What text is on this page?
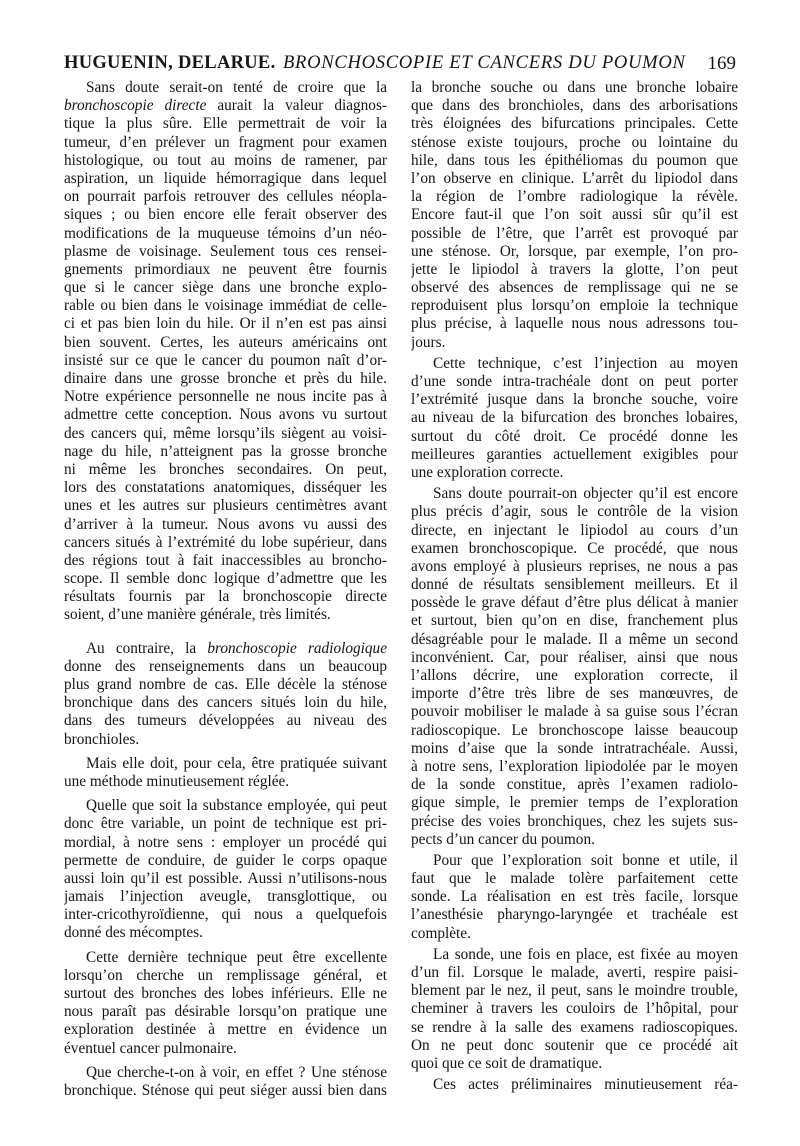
HUGUENIN, DELARUE. BRONCHOSCOPIE ET CANCERS DU POUMON 169
Sans doute serait-on tenté de croire que la
bronchoscopie directe aurait la valeur diagnos-
tique la plus sûre. Elle permettrait de voir la
tumeur, d’en prélever un fragment pour examen
histologique, ou tout au moins de ramener, par
aspiration, un liquide hémorragique dans lequel
on pourrait parfois retrouver des cellules néopla-
siques ; ou bien encore elle ferait observer des
modifications de la muqueuse témoins d’un néo-
plasme de voisinage. Seulement tous ces rensei-
gnements primordiaux ne peuvent être fournis
que si le cancer siège dans une bronche explo-
rable ou bien dans le voisinage immédiat de celle-
ci et pas bien loin du hile. Or il n’en est pas ainsi
bien souvent. Certes, les auteurs américains ont
insisté sur ce que le cancer du poumon naît d’or-
dinaire dans une grosse bronche et près du hile.
Notre expérience personnelle ne nous incite pas à
admettre cette conception. Nous avons vu surtout
des cancers qui, même lorsqu’ils siègent au voisi-
nage du hile, n’atteignent pas la grosse bronche
ni même les bronches secondaires. On peut,
lors des constatations anatomiques, disséquer les
unes et les autres sur plusieurs centimètres avant
d’arriver à la tumeur. Nous avons vu aussi des
cancers situés à l’extrémité du lobe supérieur, dans
des régions tout à fait inaccessibles au broncho-
scope. Il semble donc logique d’admettre que les
résultats fournis par la bronchoscopie directe
soient, d’une manière générale, très limités.
Au contraire, la bronchoscopie radiologique
donne des renseignements dans un beaucoup
plus grand nombre de cas. Elle décèle la sténose
bronchique dans des cancers situés loin du hile,
dans des tumeurs développées au niveau des
bronchioles.
Mais elle doit, pour cela, être pratiquée suivant
une méthode minutieusement réglée.
Quelle que soit la substance employée, qui peut
donc être variable, un point de technique est pri-
mordial, à notre sens : employer un procédé qui
permette de conduire, de guider le corps opaque
aussi loin qu’il est possible. Aussi n’utilisons-nous
jamais l’injection aveugle, transglottique, ou
inter-cricothyroïdienne, qui nous a quelquefois
donné des mécomptes.
Cette dernière technique peut être excellente
lorsqu’on cherche un remplissage général, et
surtout des bronches des lobes inférieurs. Elle ne
nous paraît pas désirable lorsqu’on pratique une
exploration destinée à mettre en évidence un
éventuel cancer pulmonaire.
Que cherche-t-on à voir, en effet ? Une sténose
bronchique. Sténose qui peut siéger aussi bien dans
la bronche souche ou dans une bronche lobaire
que dans des bronchioles, dans des arborisations
très éloignées des bifurcations principales. Cette
sténose existe toujours, proche ou lointaine du
hile, dans tous les épithéliomas du poumon que
l’on observe en clinique. L’arrêt du lipiodol dans
la région de l’ombre radiologique la révèle.
Encore faut-il que l’on soit aussi sûr qu’il est
possible de l’être, que l’arrêt est provoqué par
une sténose. Or, lorsque, par exemple, l’on pro-
jette le lipiodol à travers la glotte, l’on peut
observé des absences de remplissage qui ne se
reproduisent plus lorsqu’on emploie la technique
plus précise, à laquelle nous nous adressons tou-
jours.
Cette technique, c’est l’injection au moyen
d’une sonde intra-trachéale dont on peut porter
l’extrémité jusque dans la bronche souche, voire
au niveau de la bifurcation des bronches lobaires,
surtout du côté droit. Ce procédé donne les
meilleures garanties actuellement exigibles pour
une exploration correcte.
Sans doute pourrait-on objecter qu’il est encore
plus précis d’agir, sous le contrôle de la vision
directe, en injectant le lipiodol au cours d’un
examen bronchoscopique. Ce procédé, que nous
avons employé à plusieurs reprises, ne nous a pas
donné de résultats sensiblement meilleurs. Et il
possède le grave défaut d’être plus délicat à manier
et surtout, bien qu’on en dise, franchement plus
désagréable pour le malade. Il a même un second
inconvénient. Car, pour réaliser, ainsi que nous
l’allons décrire, une exploration correcte, il
importe d’être très libre de ses manœuvres, de
pouvoir mobiliser le malade à sa guise sous l’écran
radioscopique. Le bronchoscope laisse beaucoup
moins d’aise que la sonde intratrachéale. Aussi,
à notre sens, l’exploration lipiodolée par le moyen
de la sonde constitue, après l’examen radiolo-
gique simple, le premier temps de l’exploration
précise des voies bronchiques, chez les sujets sus-
pects d’un cancer du poumon.
Pour que l’exploration soit bonne et utile, il
faut que le malade tolère parfaitement cette
sonde. La réalisation en est très facile, lorsque
l’anesthésie pharyngo-laryngée et trachéale est
complète.
La sonde, une fois en place, est fixée au moyen
d’un fil. Lorsque le malade, averti, respire paisi-
blement par le nez, il peut, sans le moindre trouble,
cheminer à travers les couloirs de l’hôpital, pour
se rendre à la salle des examens radioscopiques.
On ne peut donc soutenir que ce procédé ait
quoi que ce soit de dramatique.
Ces actes préliminaires minutieusement réa-
